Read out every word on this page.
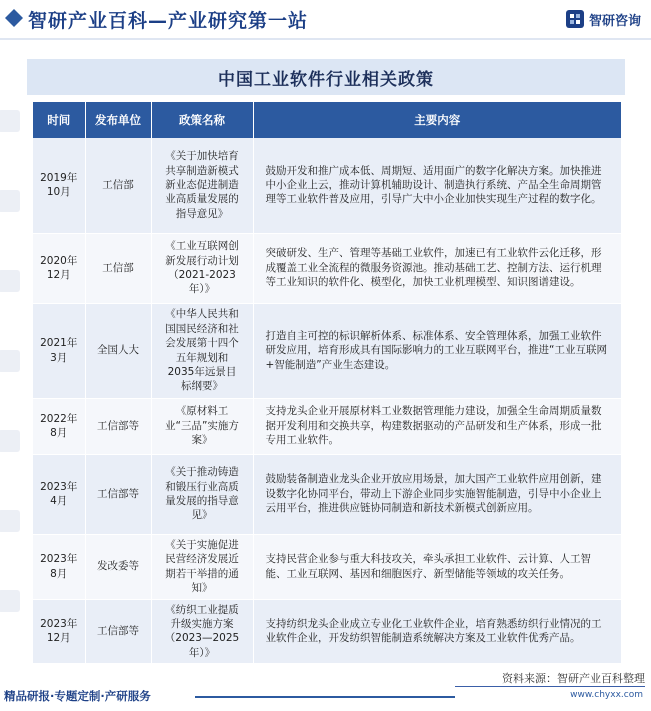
智研产业百科—产业研究第一站	智研咨询
中国工业软件行业相关政策
时间	发布单位	政策名称	主要内容
2019年10月	工信部	《关于加快培育共享制造新模式新业态促进制造业高质量发展的指导意见》	鼓励开发和推广成本低、周期短、适用面广的数字化解决方案。加快推进中小企业上云，推动计算机辅助设计、制造执行系统、产品全生命周期管理等工业软件普及应用，引导广大中小企业加快实现生产过程的数字化。
2020年12月	工信部	《工业互联网创新发展行动计划（2021-2023年）》	突破研发、生产、管理等基础工业软件，加速已有工业软件云化迁移，形成覆盖工业全流程的微服务资源池。推动基础工艺、控制方法、运行机理等工业知识的软件化、模型化，加快工业机理模型、知识图谱建设。
2021年3月	全国人大	《中华人民共和国国民经济和社会发展第十四个五年规划和2035年远景目标纲要》	打造自主可控的标识解析体系、标准体系、安全管理体系，加强工业软件研发应用，培育形成具有国际影响力的工业互联网平台，推进“工业互联网+智能制造”产业生态建设。
2022年8月	工信部等	《原材料工业“三品”实施方案》	支持龙头企业开展原材料工业数据管理能力建设，加强全生命周期质量数据开发利用和交换共享，构建数据驱动的产品研发和生产体系，形成一批专用工业软件。
2023年4月	工信部等	《关于推动铸造和锻压行业高质量发展的指导意见》	鼓励装备制造业龙头企业开放应用场景，加大国产工业软件应用创新，建设数字化协同平台，带动上下游企业同步实施智能制造，引导中小企业上云用平台，推进供应链协同制造和新技术新模式创新应用。
2023年8月	发改委等	《关于实施促进民营经济发展近期若干举措的通知》	支持民营企业参与重大科技攻关，牵头承担工业软件、云计算、人工智能、工业互联网、基因和细胞医疗、新型储能等领域的攻关任务。
2023年12月	工信部等	《纺织工业提质升级实施方案（2023—2025年）》	支持纺织龙头企业成立专业化工业软件企业，培育熟悉纺织行业情况的工业软件企业，开发纺织智能制造系统解决方案及工业软件优秀产品。
资料来源：智研产业百科整理
www.chyxx.com
精品研报·专题定制·产研服务
